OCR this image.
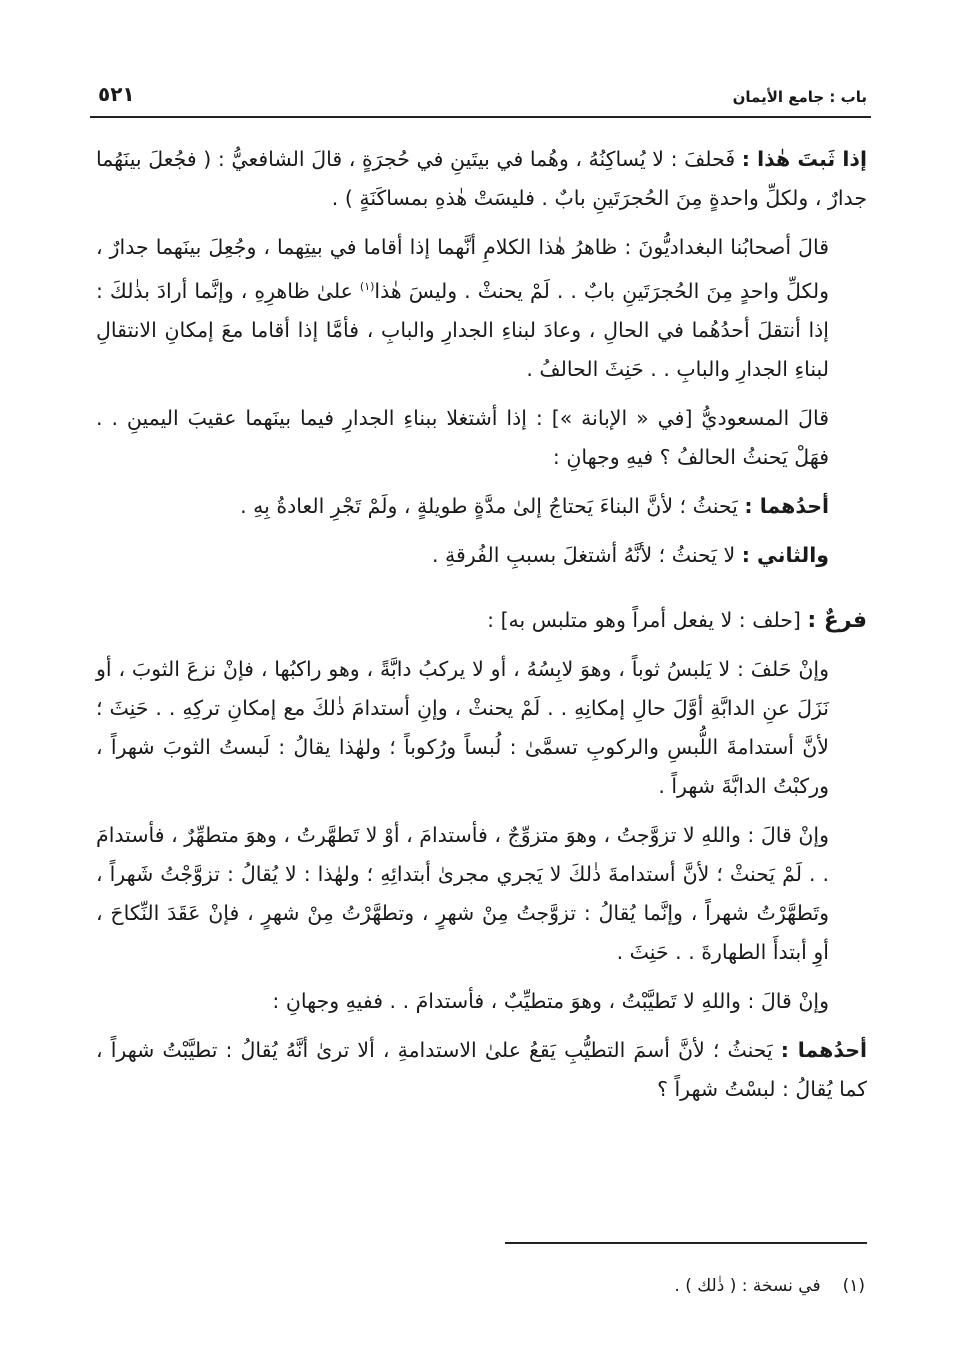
باب : جامع الأيمان
٥٢١

إذا ثَبتَ هٰذا : فَحلفَ : لا يُساكِنُهُ ، وهُما في بيتَينِ في حُجرَةٍ ، قالَ الشافعيُّ : ( فجُعلَ بينَهُما جدارٌ ، ولكلِّ واحدةٍ مِنَ الحُجرَتَينِ بابٌ . فليسَتْ هٰذهِ بمساكَنَةٍ ) .

قالَ أصحابُنا البغداديُّونَ : ظاهرُ هٰذا الكلامِ أنَّهما إذا أقاما في بيتِهما ، وجُعِلَ بينَهما جدارٌ ، ولكلِّ واحدٍ مِنَ الحُجرَتَينِ بابٌ . . لَمْ يحنثْ . وليسَ هٰذا$^{(١)}$ علىٰ ظاهرِهِ ، وإنَّما أرادَ بذٰلكَ : إذا أنتقلَ أحدُهُما في الحالِ ، وعادَ لبناءِ الجدارِ والبابِ ، فأمَّا إذا أقاما معَ إمكانِ الانتقالِ لبناءِ الجدارِ والبابِ . . حَنِثَ الحالفُ .

قالَ المسعوديُّ [في « الإبانة »] : إذا أشتغلا ببناءِ الجدارِ فيما بينَهما عقيبَ اليمينِ . . فهَلْ يَحنثُ الحالفُ ؟ فيهِ وجهانِ :

أحدُهما : يَحنثُ ؛ لأنَّ البناءَ يَحتاجُ إلىٰ مدَّةٍ طويلةٍ ، ولَمْ تَجْرِ العادةُ بِهِ .

والثاني : لا يَحنثُ ؛ لأنَّهُ أشتغلَ بسببِ الفُرقةِ .

فرعٌ : [حلف : لا يفعل أمراً وهو متلبس به] :

وإنْ حَلفَ : لا يَلبسُ ثوباً ، وهوَ لابِسُهُ ، أو لا يركبُ دابَّةً ، وهو راكبُها ، فإنْ نزعَ الثوبَ ، أو نَزَلَ عنِ الدابَّةِ أوَّلَ حالِ إمكانِهِ . . لَمْ يحنثْ ، وإنِ أستدامَ ذٰلكَ مع إمكانِ تركِهِ . . حَنِثَ ؛ لأنَّ أستدامةَ اللُّبسِ والركوبِ تسمَّىٰ : لُبساً ورُكوباً ؛ ولهٰذا يقالُ : لَبستُ الثوبَ شهراً ، وركبْتُ الدابَّةَ شهراً .

وإنْ قالَ : واللهِ لا تزوَّجتُ ، وهوَ متزوِّجٌ ، فأستدامَ ، أوْ لا تَطهَّرتُ ، وهوَ متطهِّرٌ ، فأستدامَ . . لَمْ يَحنثْ ؛ لأنَّ أستدامةَ ذٰلكَ لا يَجري مجرىٰ أبتدائِهِ ؛ ولهٰذا : لا يُقالُ : تزوَّجْتُ شَهراً ، وتَطهَّرْتُ شهراً ، وإنَّما يُقالُ : تزوَّجتُ مِنْ شهرٍ ، وتطهَّرْتُ مِنْ شهرٍ ، فإنْ عَقَدَ النِّكاحَ ، أوِ أبتدأَ الطهارةَ . . حَنِثَ .

وإنْ قالَ : واللهِ لا تَطيَّبْتُ ، وهوَ متطيِّبٌ ، فأستدامَ . . ففيهِ وجهانِ :

أحدُهما : يَحنثُ ؛ لأنَّ أسمَ التطيُّبِ يَقعُ علىٰ الاستدامةِ ، ألا ترىٰ أنَّهُ يُقالُ : تطيَّبْتُ شهراً ، كما يُقالُ : لبسْتُ شهراً ؟

(١)في نسخة : ( ذٰلك ) .
